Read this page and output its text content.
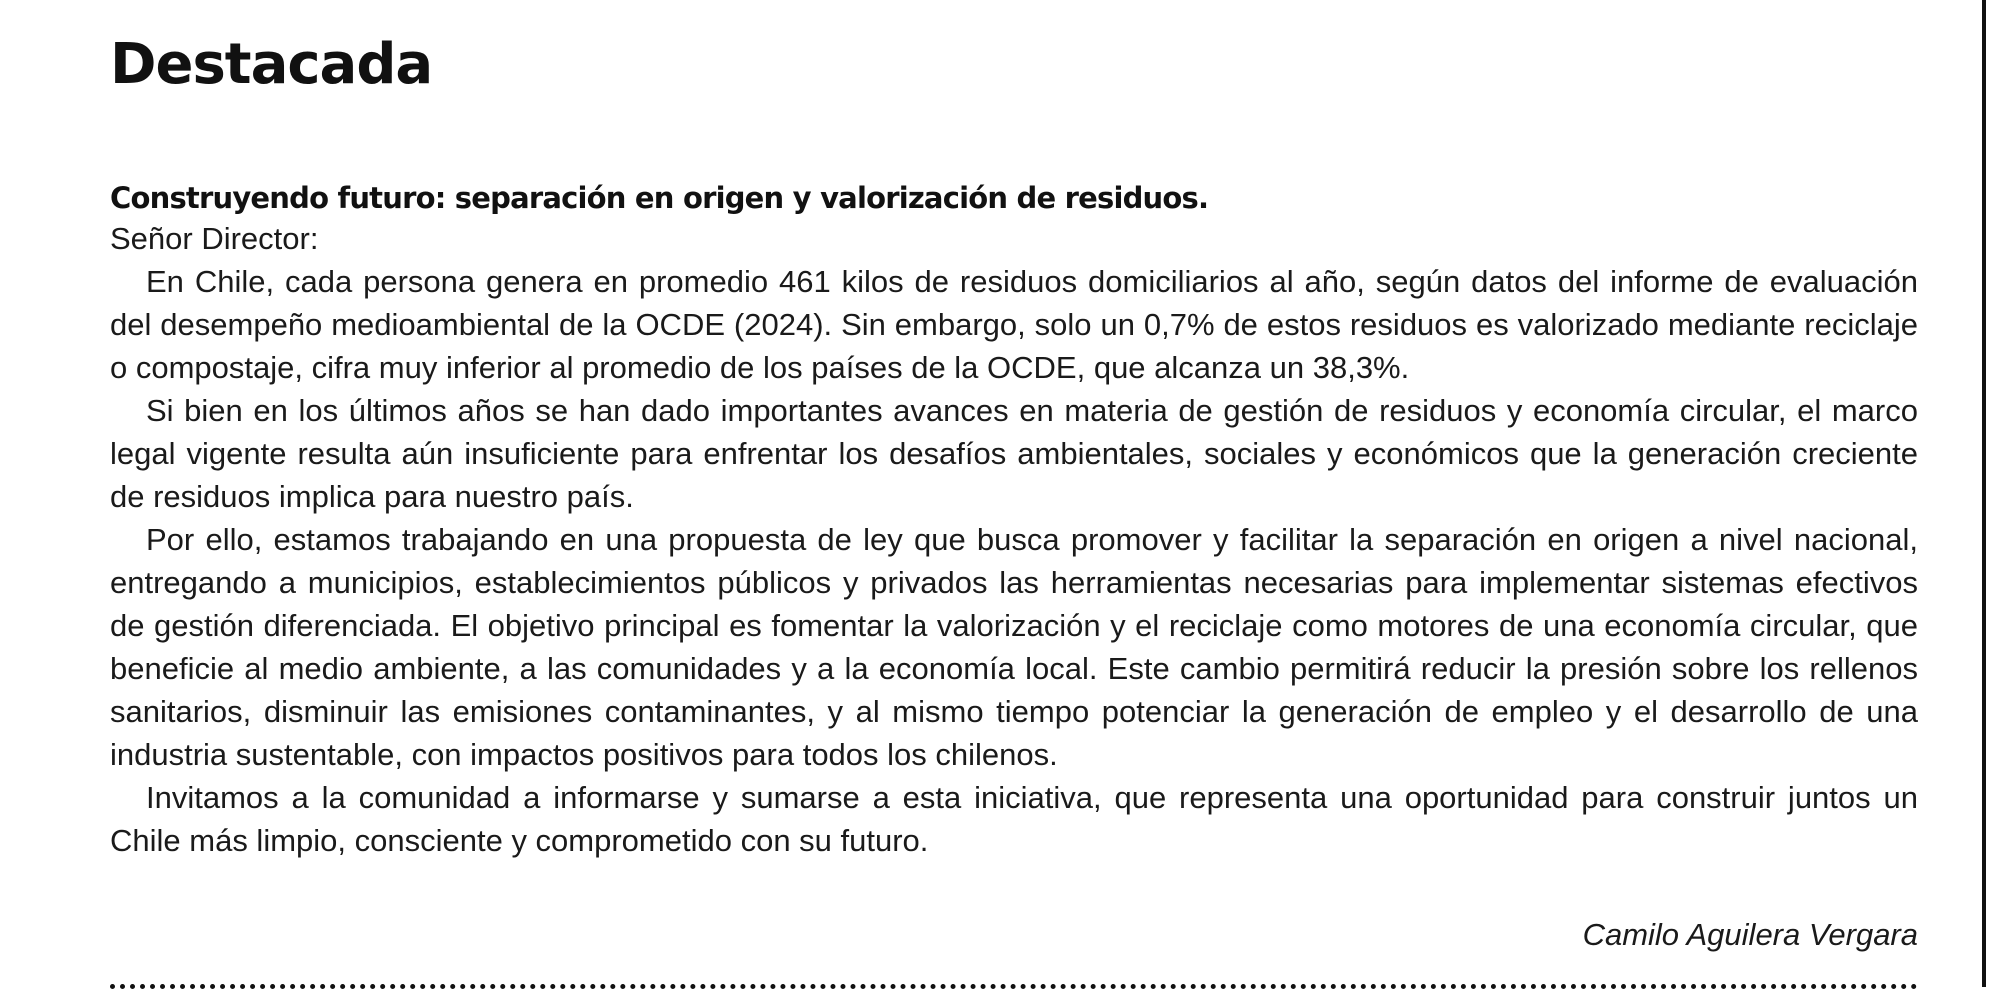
Destacada
Construyendo futuro: separación en origen y valorización de residuos.
Señor Director:

En Chile, cada persona genera en promedio 461 kilos de residuos domiciliarios al año, según datos del informe de evaluación del desempeño medioambiental de la OCDE (2024). Sin embargo, solo un 0,7% de estos residuos es valorizado mediante reciclaje o compostaje, cifra muy inferior al promedio de los países de la OCDE, que alcanza un 38,3%.

Si bien en los últimos años se han dado importantes avances en materia de gestión de residuos y economía circular, el marco legal vigente resulta aún insuficiente para enfrentar los desafíos ambientales, sociales y económicos que la generación creciente de residuos implica para nuestro país.

Por ello, estamos trabajando en una propuesta de ley que busca promover y facilitar la separación en origen a nivel nacional, entregando a municipios, establecimientos públicos y privados las herramientas necesarias para implementar sistemas efectivos de gestión diferenciada. El objetivo principal es fomentar la valorización y el reciclaje como motores de una economía circular, que beneficie al medio ambiente, a las comunidades y a la economía local. Este cambio permitirá reducir la presión sobre los rellenos sanitarios, disminuir las emisiones contaminantes, y al mismo tiempo potenciar la generación de empleo y el desarrollo de una industria sustentable, con impactos positivos para todos los chilenos.

Invitamos a la comunidad a informarse y sumarse a esta iniciativa, que representa una oportunidad para construir juntos un Chile más limpio, consciente y comprometido con su futuro.

Camilo Aguilera Vergara
